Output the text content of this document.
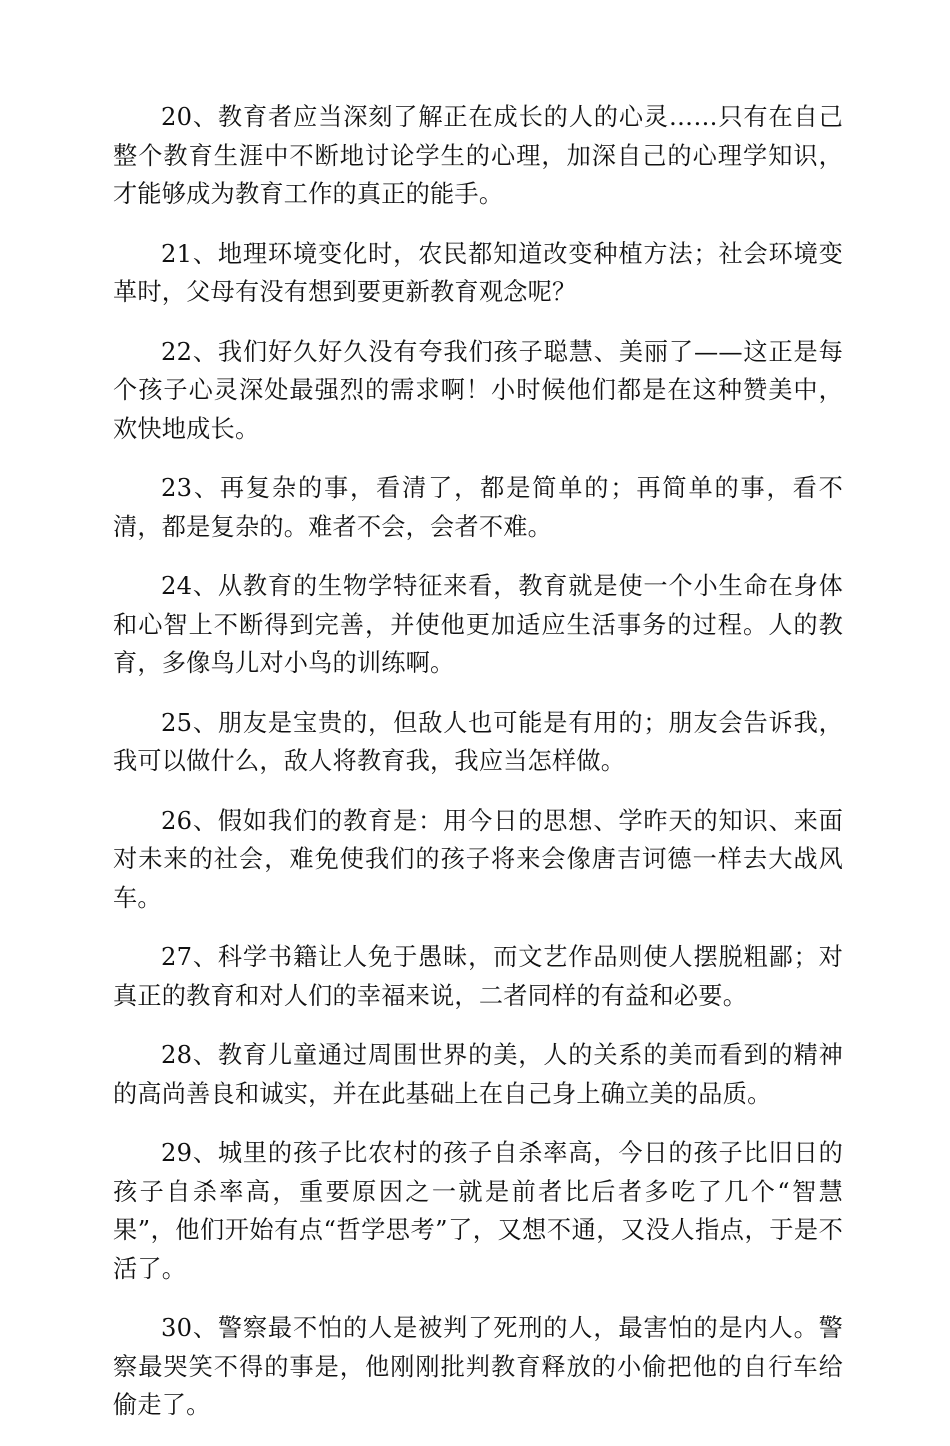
20、教育者应当深刻了解正在成长的人的心灵……只有在自己整个教育生涯中不断地讨论学生的心理，加深自己的心理学知识，才能够成为教育工作的真正的能手。

21、地理环境变化时，农民都知道改变种植方法；社会环境变革时，父母有没有想到要更新教育观念呢？

22、我们好久好久没有夸我们孩子聪慧、美丽了——这正是每个孩子心灵深处最强烈的需求啊！小时候他们都是在这种赞美中，欢快地成长。

23、再复杂的事，看清了，都是简单的；再简单的事，看不清，都是复杂的。难者不会，会者不难。

24、从教育的生物学特征来看，教育就是使一个小生命在身体和心智上不断得到完善，并使他更加适应生活事务的过程。人的教育，多像鸟儿对小鸟的训练啊。

25、朋友是宝贵的，但敌人也可能是有用的；朋友会告诉我，我可以做什么，敌人将教育我，我应当怎样做。

26、假如我们的教育是：用今日的思想、学昨天的知识、来面对未来的社会，难免使我们的孩子将来会像唐吉诃德一样去大战风车。

27、科学书籍让人免于愚昧，而文艺作品则使人摆脱粗鄙；对真正的教育和对人们的幸福来说，二者同样的有益和必要。

28、教育儿童通过周围世界的美，人的关系的美而看到的精神的高尚善良和诚实，并在此基础上在自己身上确立美的品质。

29、城里的孩子比农村的孩子自杀率高，今日的孩子比旧日的孩子自杀率高，重要原因之一就是前者比后者多吃了几个“智慧果”，他们开始有点“哲学思考”了，又想不通，又没人指点，于是不活了。

30、警察最不怕的人是被判了死刑的人，最害怕的是内人。警察最哭笑不得的事是，他刚刚批判教育释放的小偷把他的自行车给偷走了。
